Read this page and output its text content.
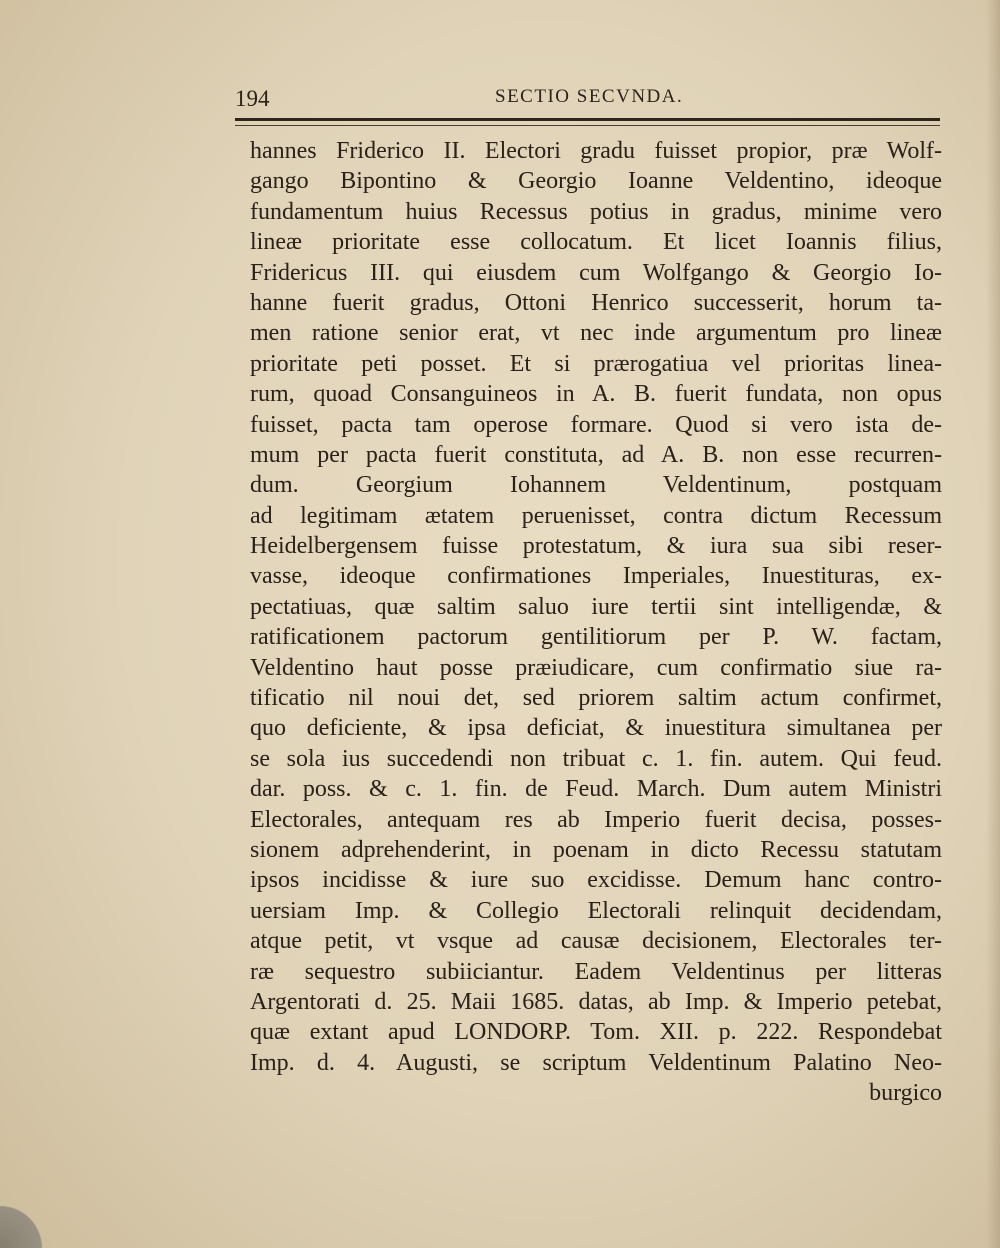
194	SECTIO SECVNDA.
hannes Friderico II. Electori gradu fuisset propior, præ Wolf-
gango Bipontino & Georgio Ioanne Veldentino, ideoque
fundamentum huius Recessus potius in gradus, minime vero
lineæ prioritate esse collocatum. Et licet Ioannis filius,
Fridericus III. qui eiusdem cum Wolfgango & Georgio Io-
hanne fuerit gradus, Ottoni Henrico successerit, horum ta-
men ratione senior erat, vt nec inde argumentum pro lineæ
prioritate peti posset. Et si prærogatiua vel prioritas linea-
rum, quoad Consanguineos in A. B. fuerit fundata, non opus
fuisset, pacta tam operose formare. Quod si vero ista de-
mum per pacta fuerit constituta, ad A. B. non esse recurren-
dum. Georgium Iohannem Veldentinum, postquam
ad legitimam ætatem peruenisset, contra dictum Recessum
Heidelbergensem fuisse protestatum, & iura sua sibi reser-
vasse, ideoque confirmationes Imperiales, Inuestituras, ex-
pectatiuas, quæ saltim saluo iure tertii sint intelligendæ, &
ratificationem pactorum gentilitiorum per P. W. factam,
Veldentino haut posse præiudicare, cum confirmatio siue ra-
tificatio nil noui det, sed priorem saltim actum confirmet,
quo deficiente, & ipsa deficiat, & inuestitura simultanea per
se sola ius succedendi non tribuat c. 1. fin. autem. Qui feud.
dar. poss. & c. 1. fin. de Feud. March. Dum autem Ministri
Electorales, antequam res ab Imperio fuerit decisa, posses-
sionem adprehenderint, in poenam in dicto Recessu statutam
ipsos incidisse & iure suo excidisse. Demum hanc contro-
uersiam Imp. & Collegio Electorali relinquit decidendam,
atque petit, vt vsque ad causæ decisionem, Electorales ter-
ræ sequestro subiiciantur. Eadem Veldentinus per litteras
Argentorati d. 25. Maii 1685. datas, ab Imp. & Imperio petebat,
quæ extant apud LONDORP. Tom. XII. p. 222. Respondebat
Imp. d. 4. Augusti, se scriptum Veldentinum Palatino Neo-
burgico
